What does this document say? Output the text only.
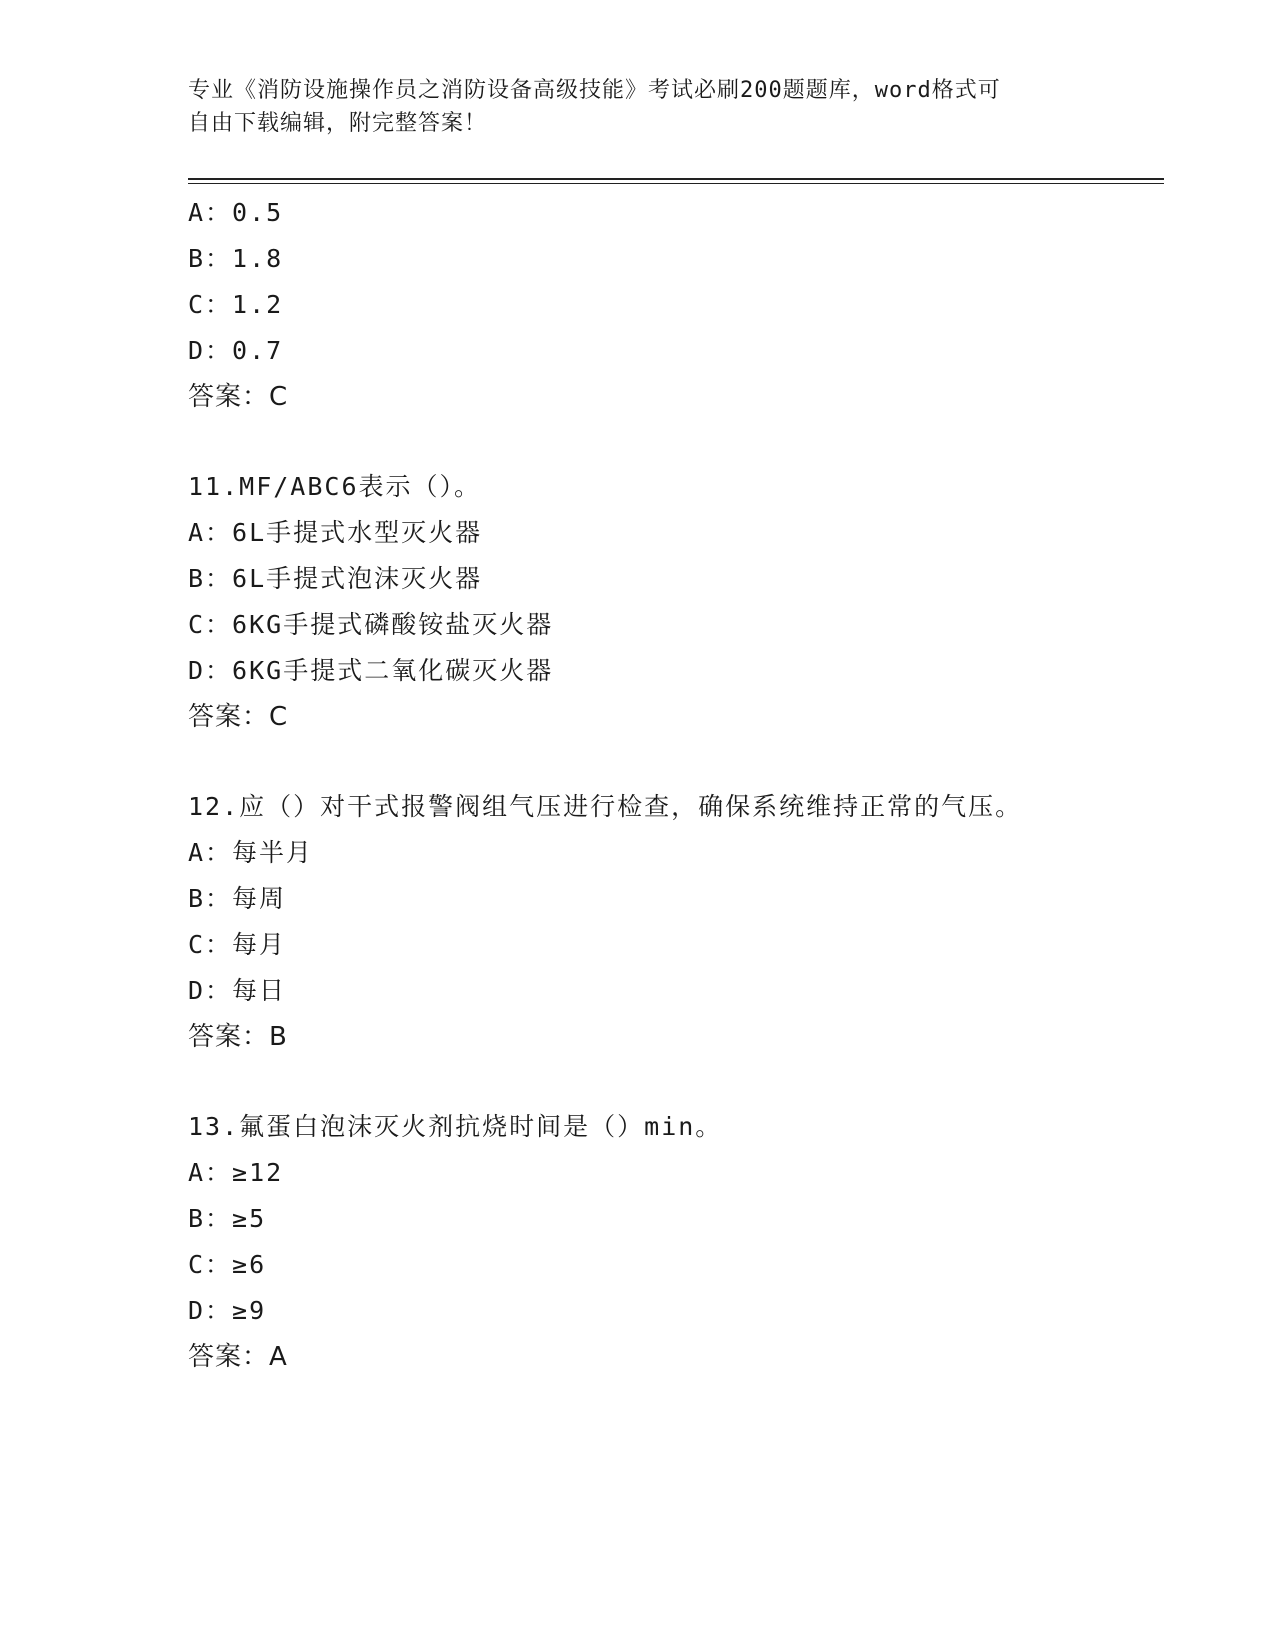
专业《消防设施操作员之消防设备高级技能》考试必刷200题题库，word格式可
自由下载编辑，附完整答案！
A：0.5
B：1.8
C：1.2
D：0.7
答案：C
11.MF/ABC6表示（）。
A：6L手提式水型灭火器
B：6L手提式泡沫灭火器
C：6KG手提式磷酸铵盐灭火器
D：6KG手提式二氧化碳灭火器
答案：C
12.应（）对干式报警阀组气压进行检查，确保系统维持正常的气压。
A：每半月
B：每周
C：每月
D：每日
答案：B
13.氟蛋白泡沫灭火剂抗烧时间是（）min。
A：≥12
B：≥5
C：≥6
D：≥9
答案：A
